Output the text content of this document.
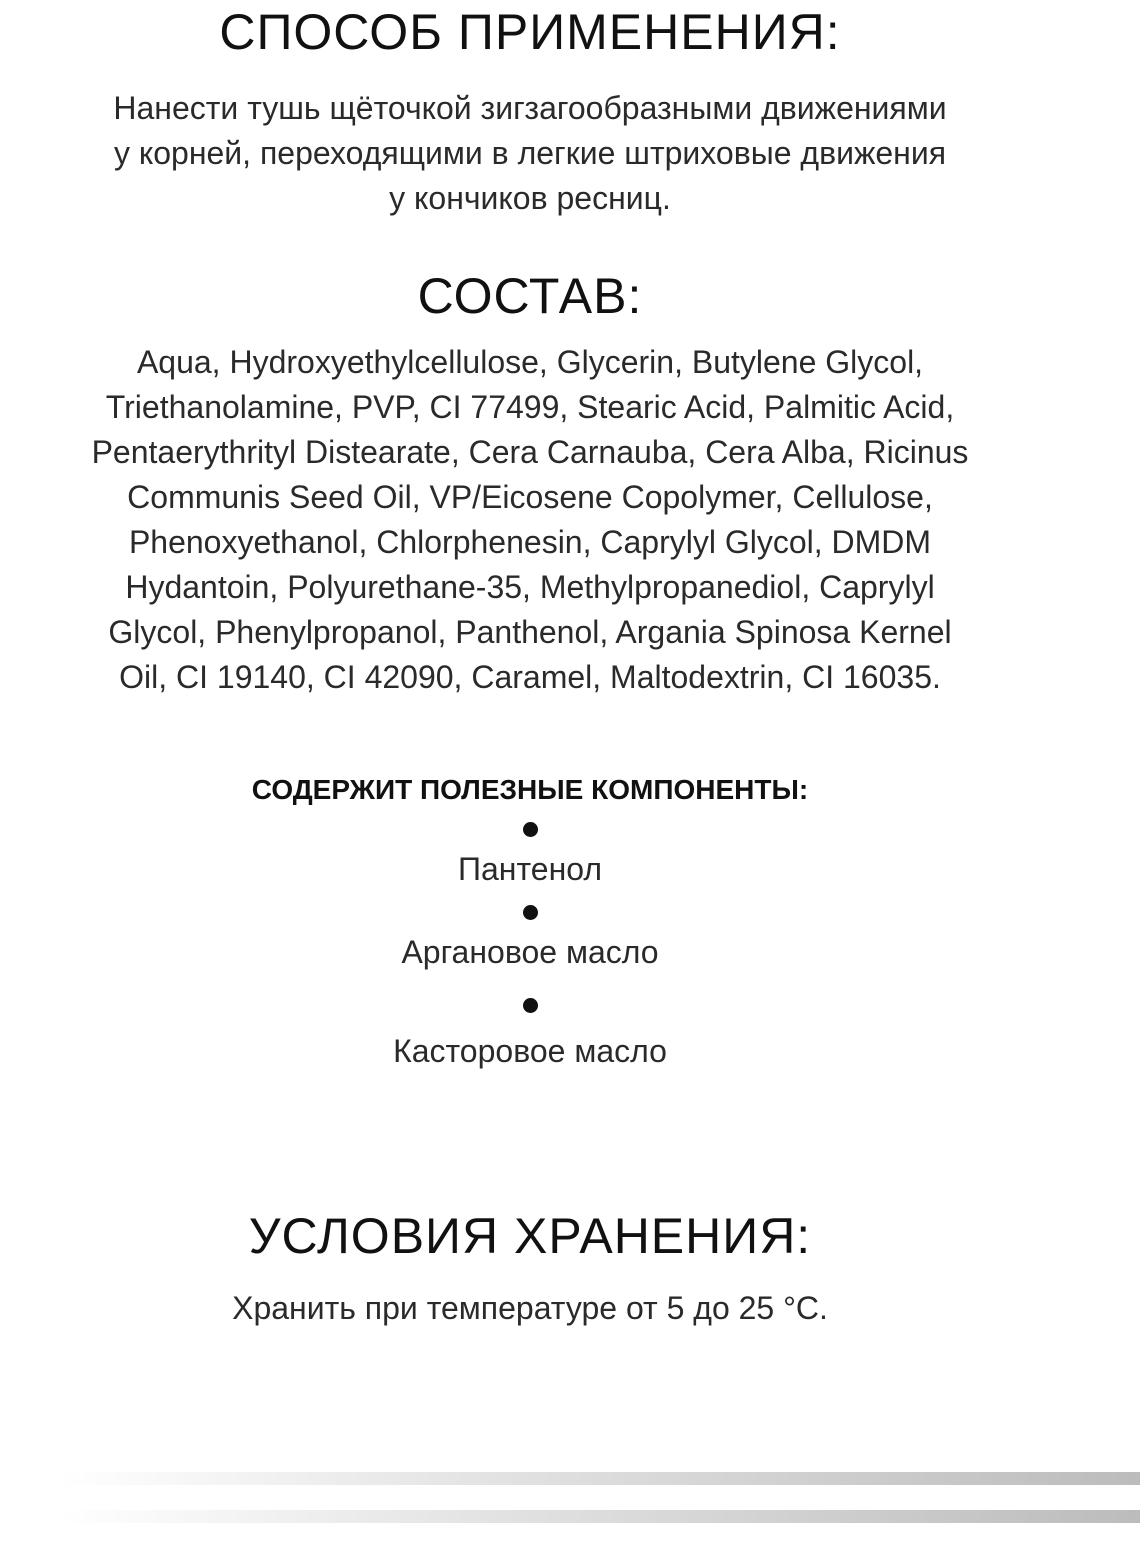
СПОСОБ ПРИМЕНЕНИЯ:

Нанести тушь щёточкой зигзагообразными движениями

у корней, переходящими в легкие штриховые движения

у кончиков ресниц.

СОСТАВ:

Aqua, Hydroxyethylcellulose, Glycerin, Butylene Glycol,

Triethanolamine, PVP, CI 77499, Stearic Acid, Palmitic Acid,

Pentaerythrityl Distearate, Cera Carnauba, Cera Alba, Ricinus

Communis Seed Oil, VP/Eicosene Copolymer, Cellulose,

Phenoxyethanol, Chlorphenesin, Caprylyl Glycol, DMDM

Hydantoin, Polyurethane-35, Methylpropanediol, Caprylyl

Glycol, Phenylpropanol, Panthenol, Argania Spinosa Kernel

Oil, CI 19140, CI 42090, Caramel, Maltodextrin, CI 16035.

СОДЕРЖИТ ПОЛЕЗНЫЕ КОМПОНЕНТЫ:
Пантенол
Аргановое масло
Касторовое масло
УСЛОВИЯ ХРАНЕНИЯ:

Хранить при температуре от 5 до 25 °C.
